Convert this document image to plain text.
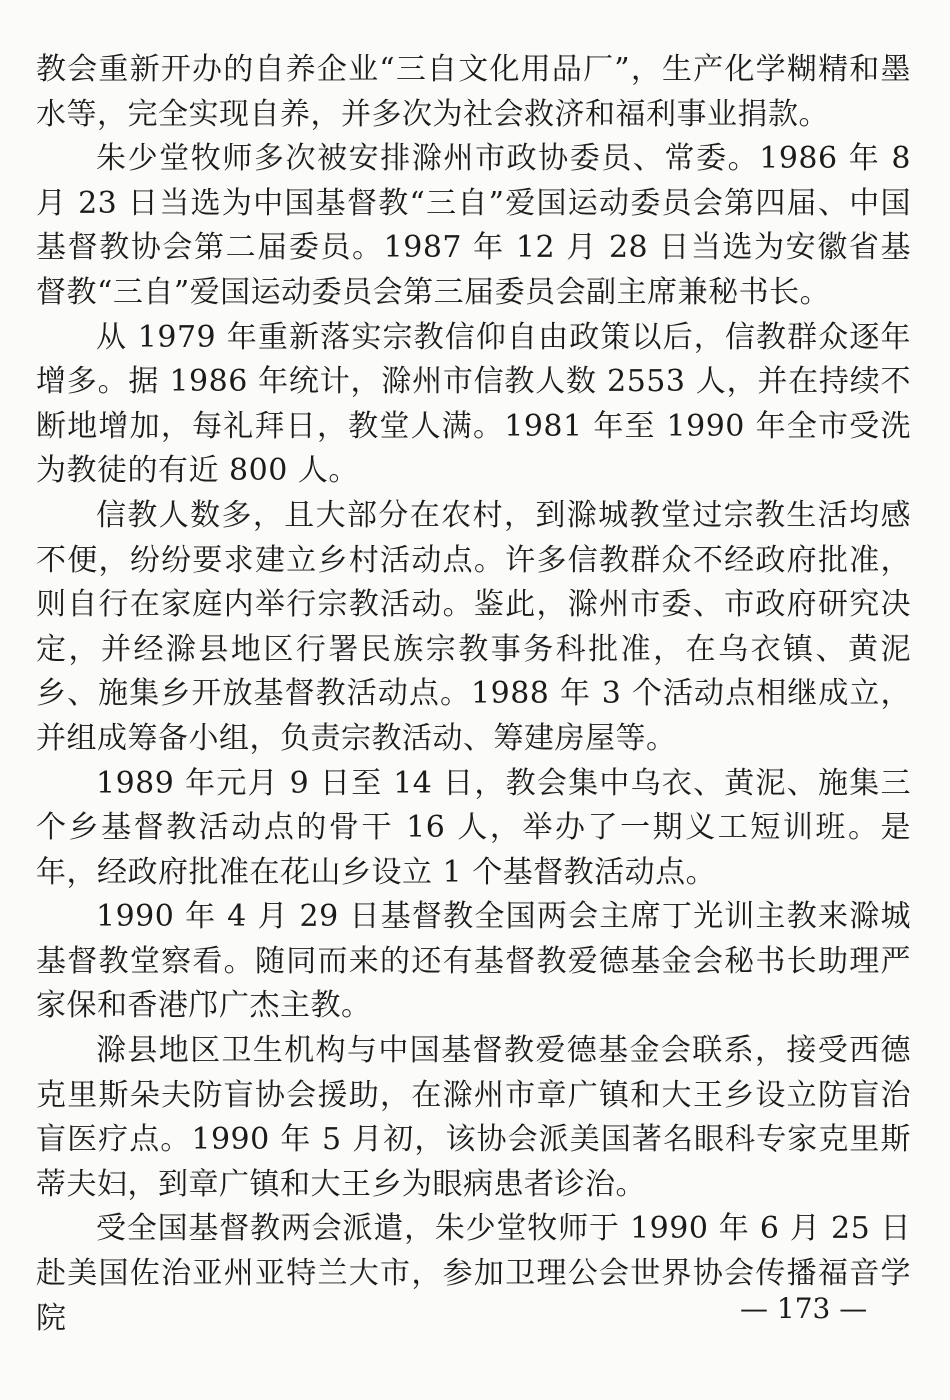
教会重新开办的自养企业“三自文化用品厂”，生产化学糊精和墨水等，完全实现自养，并多次为社会救济和福利事业捐款。

朱少堂牧师多次被安排滁州市政协委员、常委。1986 年 8 月 23 日当选为中国基督教“三自”爱国运动委员会第四届、中国基督教协会第二届委员。1987 年 12 月 28 日当选为安徽省基督教“三自”爱国运动委员会第三届委员会副主席兼秘书长。

从 1979 年重新落实宗教信仰自由政策以后，信教群众逐年增多。据 1986 年统计，滁州市信教人数 2553 人，并在持续不断地增加，每礼拜日，教堂人满。1981 年至 1990 年全市受洗为教徒的有近 800 人。

信教人数多，且大部分在农村，到滁城教堂过宗教生活均感不便，纷纷要求建立乡村活动点。许多信教群众不经政府批准，则自行在家庭内举行宗教活动。鉴此，滁州市委、市政府研究决定，并经滁县地区行署民族宗教事务科批准，在乌衣镇、黄泥乡、施集乡开放基督教活动点。1988 年 3 个活动点相继成立，并组成筹备小组，负责宗教活动、筹建房屋等。

1989 年元月 9 日至 14 日，教会集中乌衣、黄泥、施集三个乡基督教活动点的骨干 16 人，举办了一期义工短训班。是年，经政府批准在花山乡设立 1 个基督教活动点。

1990 年 4 月 29 日基督教全国两会主席丁光训主教来滁城基督教堂察看。随同而来的还有基督教爱德基金会秘书长助理严家保和香港邝广杰主教。

滁县地区卫生机构与中国基督教爱德基金会联系，接受西德克里斯朵夫防盲协会援助，在滁州市章广镇和大王乡设立防盲治盲医疗点。1990 年 5 月初，该协会派美国著名眼科专家克里斯蒂夫妇，到章广镇和大王乡为眼病患者诊治。

受全国基督教两会派遣，朱少堂牧师于 1990 年 6 月 25 日赴美国佐治亚州亚特兰大市，参加卫理公会世界协会传播福音学院	— 173 —
